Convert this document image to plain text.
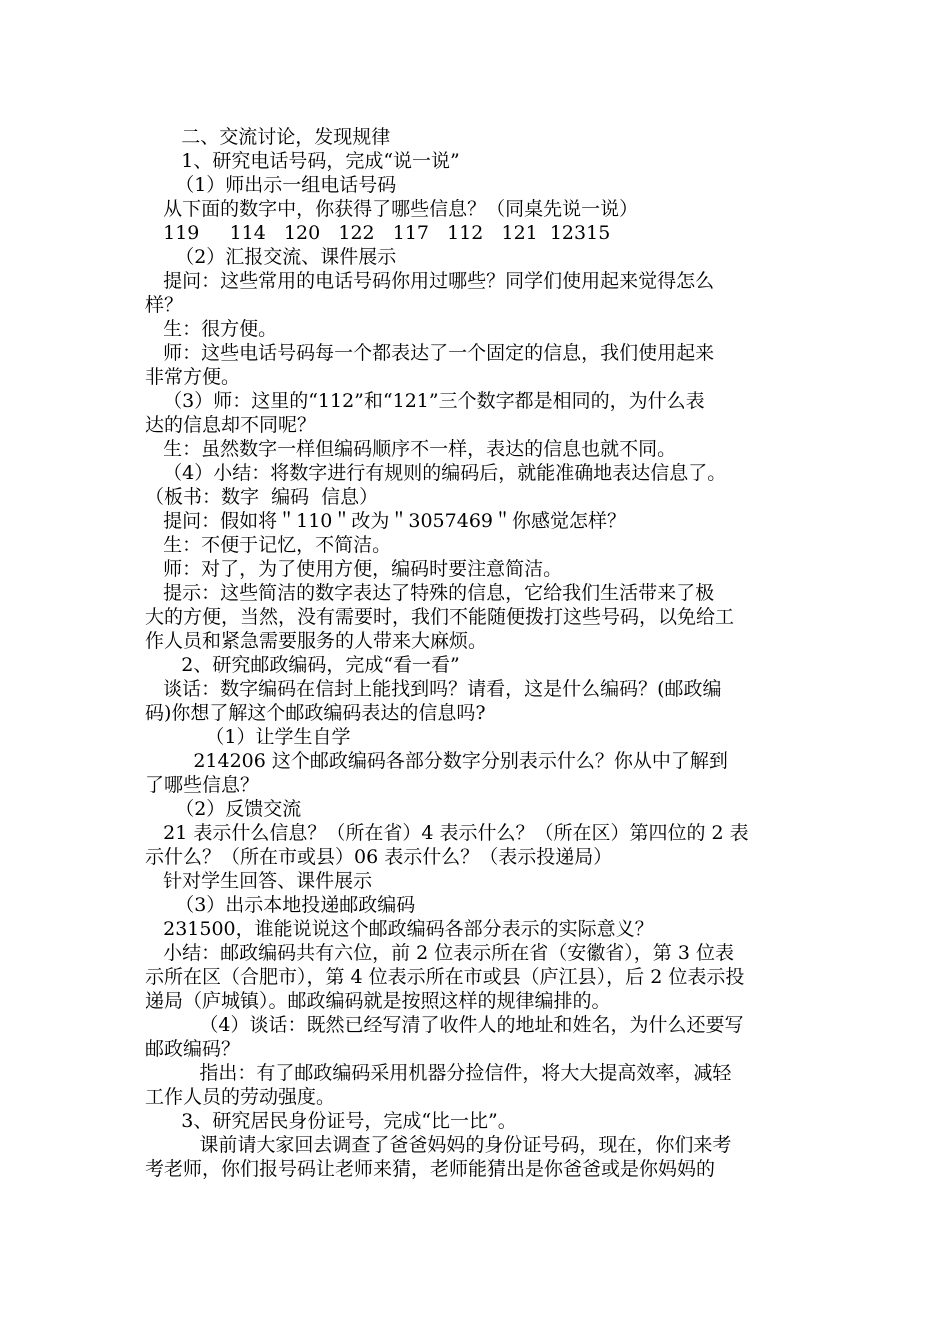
二、交流讨论，发现规律

1、研究电话号码，完成“说一说”

（1）师出示一组电话号码

从下面的数字中，你获得了哪些信息？（同桌先说一说）

119     114   120   122   117   112   121  12315

（2）汇报交流、课件展示

提问：这些常用的电话号码你用过哪些？同学们使用起来觉得怎么

样？

生：很方便。

师：这些电话号码每一个都表达了一个固定的信息，我们使用起来

非常方便。

（3）师：这里的“112”和“121”三个数字都是相同的，为什么表

达的信息却不同呢？

生：虽然数字一样但编码顺序不一样，表达的信息也就不同。

（4）小结：将数字进行有规则的编码后，就能准确地表达信息了。

（板书：数字  编码  信息）

提问：假如将＂110＂改为＂3057469＂你感觉怎样？

生：不便于记忆，不简洁。

师：对了，为了使用方便，编码时要注意简洁。

提示：这些简洁的数字表达了特殊的信息，它给我们生活带来了极

大的方便，当然，没有需要时，我们不能随便拨打这些号码，以免给工

作人员和紧急需要服务的人带来大麻烦。

2、研究邮政编码，完成“看一看”

谈话：数字编码在信封上能找到吗？请看，这是什么编码？(邮政编

码)你想了解这个邮政编码表达的信息吗?

（1）让学生自学

214206 这个邮政编码各部分数字分别表示什么？你从中了解到

了哪些信息？

（2）反馈交流

21 表示什么信息？（所在省）4 表示什么？（所在区）第四位的 2 表

示什么？（所在市或县）06 表示什么？（表示投递局）

针对学生回答、课件展示

（3）出示本地投递邮政编码

231500，谁能说说这个邮政编码各部分表示的实际意义？

小结：邮政编码共有六位，前 2 位表示所在省（安徽省），第 3 位表

示所在区（合肥市），第 4 位表示所在市或县（庐江县），后 2 位表示投

递局（庐城镇）。邮政编码就是按照这样的规律编排的。

（4）谈话：既然已经写清了收件人的地址和姓名，为什么还要写

邮政编码？

指出：有了邮政编码采用机器分捡信件，将大大提高效率，减轻

工作人员的劳动强度。

3、研究居民身份证号，完成“比一比”。

课前请大家回去调查了爸爸妈妈的身份证号码，现在，你们来考

考老师，你们报号码让老师来猜，老师能猜出是你爸爸或是你妈妈的
